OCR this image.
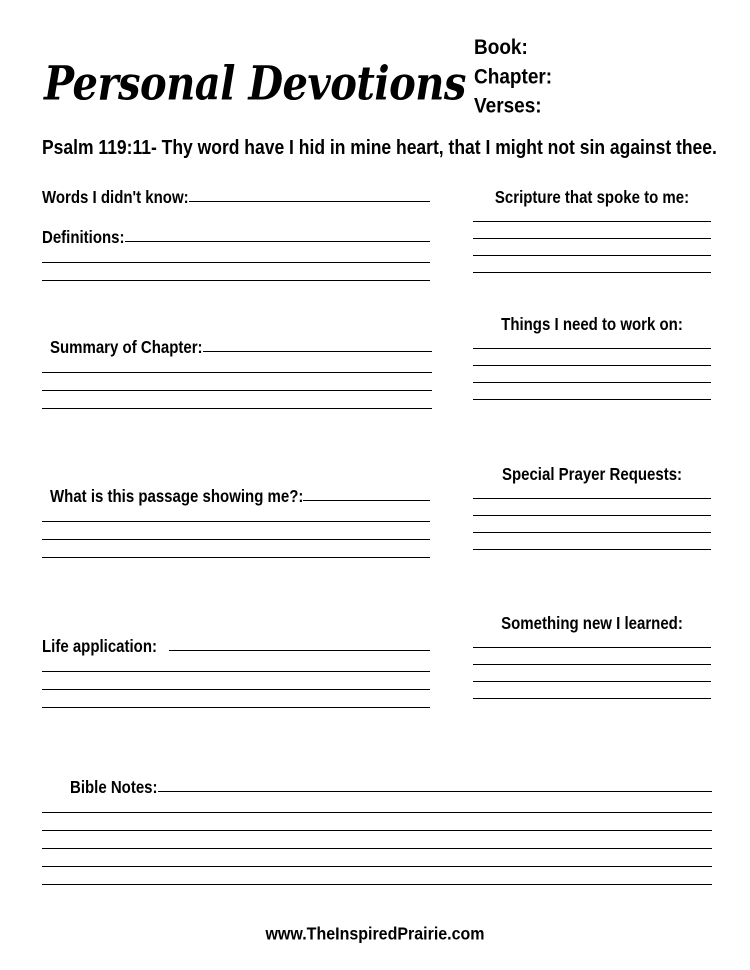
Personal Devotions
Book:
Chapter:
Verses:
Psalm 119:11- Thy word have I hid in mine heart, that I might not sin against thee.
Words I didn't know:
Definitions:
Summary of Chapter:
What is this passage showing me?:
Life application:
Scripture that spoke to me:
Things I need to work on:
Special Prayer Requests:
Something new I learned:
Bible Notes:
www.TheInspiredPrairie.com
